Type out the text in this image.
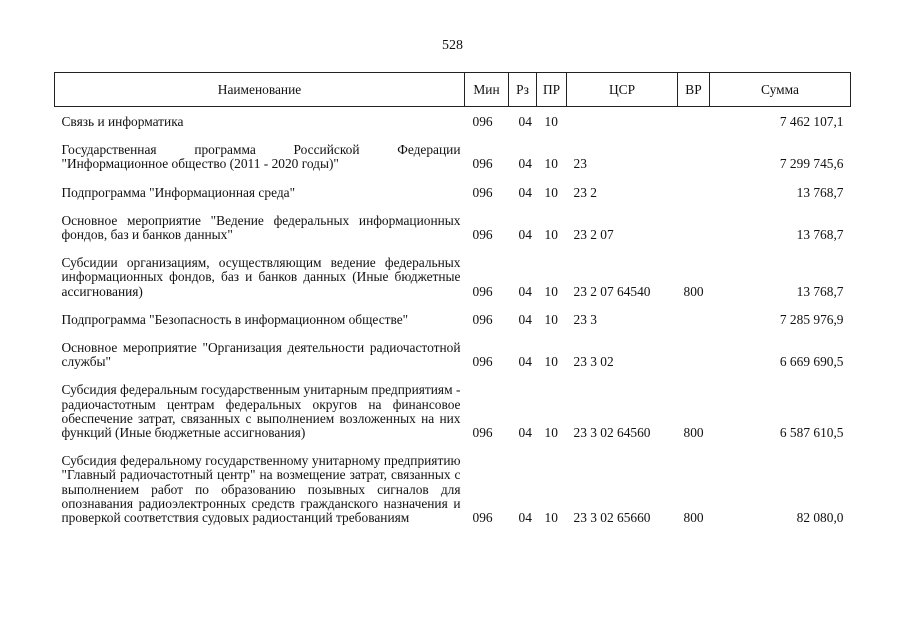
528
Наименование	Мин	Рз	ПР	ЦСР	ВР	Сумма
Связь и информатика	096	04	10			7 462 107,1
Государственная программа Российской Федерации "Информационное общество (2011 - 2020 годы)"	096	04	10	23		7 299 745,6
Подпрограмма "Информационная среда"	096	04	10	23 2		13 768,7
Основное мероприятие "Ведение федеральных информационных фондов, баз и банков данных"	096	04	10	23 2 07		13 768,7
Субсидии организациям, осуществляющим ведение федеральных информационных фондов, баз и банков данных (Иные бюджетные ассигнования)	096	04	10	23 2 07 64540	800	13 768,7
Подпрограмма "Безопасность в информационном обществе"	096	04	10	23 3		7 285 976,9
Основное мероприятие "Организация деятельности радиочастотной службы"	096	04	10	23 3 02		6 669 690,5
Субсидия федеральным государственным унитарным предприятиям - радиочастотным центрам федеральных округов на финансовое обеспечение затрат, связанных с выполнением возложенных на них функций (Иные бюджетные ассигнования)	096	04	10	23 3 02 64560	800	6 587 610,5
Субсидия федеральному государственному унитарному предприятию "Главный радиочастотный центр" на возмещение затрат, связанных с выполнением работ по образованию позывных сигналов для опознавания радиоэлектронных средств гражданского назначения и проверкой соответствия судовых радиостанций требованиям	096	04	10	23 3 02 65660	800	82 080,0
